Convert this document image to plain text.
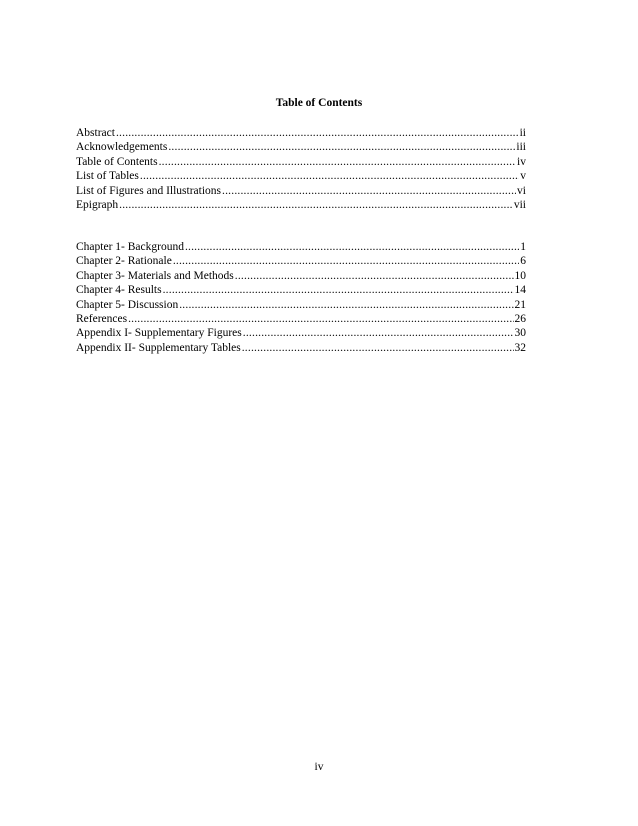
Table of Contents
Abstract .....	ii
Acknowledgements .....	iii
Table of Contents .....	iv
List of Tables .....	v
List of Figures and Illustrations .....	vi
Epigraph .....	vii
Chapter 1- Background .....	1
Chapter 2- Rationale .....	6
Chapter 3- Materials and Methods .....	10
Chapter 4- Results .....	14
Chapter 5- Discussion .....	21
References .....	26
Appendix I- Supplementary Figures .....	30
Appendix II- Supplementary Tables .....	32
iv
